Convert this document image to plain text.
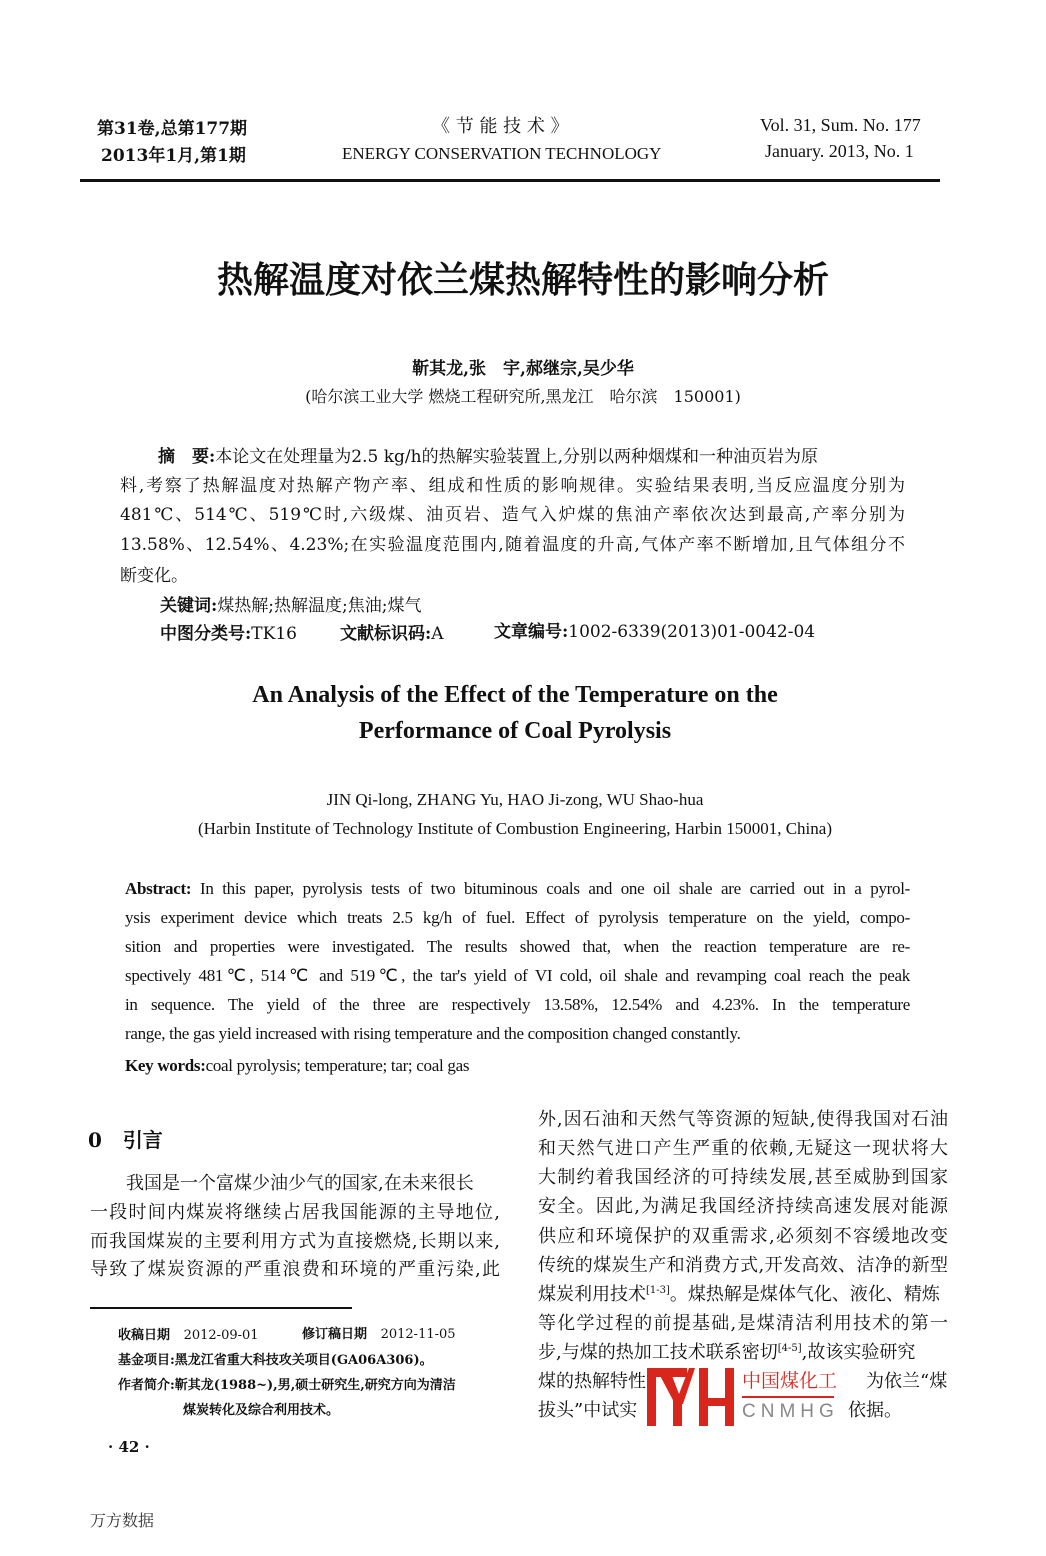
第31卷,总第177期
2013年1月,第1期
《 节 能 技 术 》
ENERGY CONSERVATION TECHNOLOGY
Vol. 31, Sum. No. 177
January. 2013, No. 1
热解温度对依兰煤热解特性的影响分析
靳其龙,张　宇,郝继宗,吴少华
(哈尔滨工业大学 燃烧工程研究所,黑龙江　哈尔滨　150001)
摘　要:本论文在处理量为2.5 kg/h的热解实验装置上,分别以两种烟煤和一种油页岩为原
料,考察了热解温度对热解产物产率、组成和性质的影响规律。实验结果表明,当反应温度分别为
481℃、514℃、519℃时,六级煤、油页岩、造气入炉煤的焦油产率依次达到最高,产率分别为
13.58%、12.54%、4.23%;在实验温度范围内,随着温度的升高,气体产率不断增加,且气体组分不
断变化。
关键词:煤热解;热解温度;焦油;煤气
中图分类号:TK16	文献标识码:A	文章编号:1002-6339(2013)01-0042-04
An Analysis of the Effect of the Temperature on the
Performance of Coal Pyrolysis
JIN Qi-long, ZHANG Yu, HAO Ji-zong, WU Shao-hua
(Harbin Institute of Technology Institute of Combustion Engineering, Harbin 150001, China)
Abstract: In this paper, pyrolysis tests of two bituminous coals and one oil shale are carried out in a pyrol-
ysis experiment device which treats 2.5 kg/h of fuel. Effect of pyrolysis temperature on the yield, compo-
sition and properties were investigated. The results showed that, when the reaction temperature are re-
spectively 481℃, 514℃ and 519℃, the tar's yield of VI cold, oil shale and revamping coal reach the peak
in sequence. The yield of the three are respectively 13.58%, 12.54% and 4.23%. In the temperature
range, the gas yield increased with rising temperature and the composition changed constantly.
Key words:coal pyrolysis; temperature; tar; coal gas
0 引言
我国是一个富煤少油少气的国家,在未来很长
一段时间内煤炭将继续占居我国能源的主导地位,
而我国煤炭的主要利用方式为直接燃烧,长期以来,
导致了煤炭资源的严重浪费和环境的严重污染,此
收稿日期 2012-09-01	修订稿日期 2012-11-05
基金项目:黑龙江省重大科技攻关项目(GA06A306)。
作者简介:靳其龙(1988~),男,硕士研究生,研究方向为清洁
煤炭转化及综合利用技术。
· 42 ·
外,因石油和天然气等资源的短缺,使得我国对石油
和天然气进口产生严重的依赖,无疑这一现状将大
大制约着我国经济的可持续发展,甚至威胁到国家
安全。因此,为满足我国经济持续高速发展对能源
供应和环境保护的双重需求,必须刻不容缓地改变
传统的煤炭生产和消费方式,开发高效、洁净的新型
煤炭利用技术[1-3]。煤热解是煤体气化、液化、精炼
等化学过程的前提基础,是煤清洁利用技术的第一
步,与煤的热加工技术联系密切[4-5],故该实验研究
煤的热解特性	为依兰“煤
拔头”中试实	依据。
中国煤化工
CNMHG
万方数据
